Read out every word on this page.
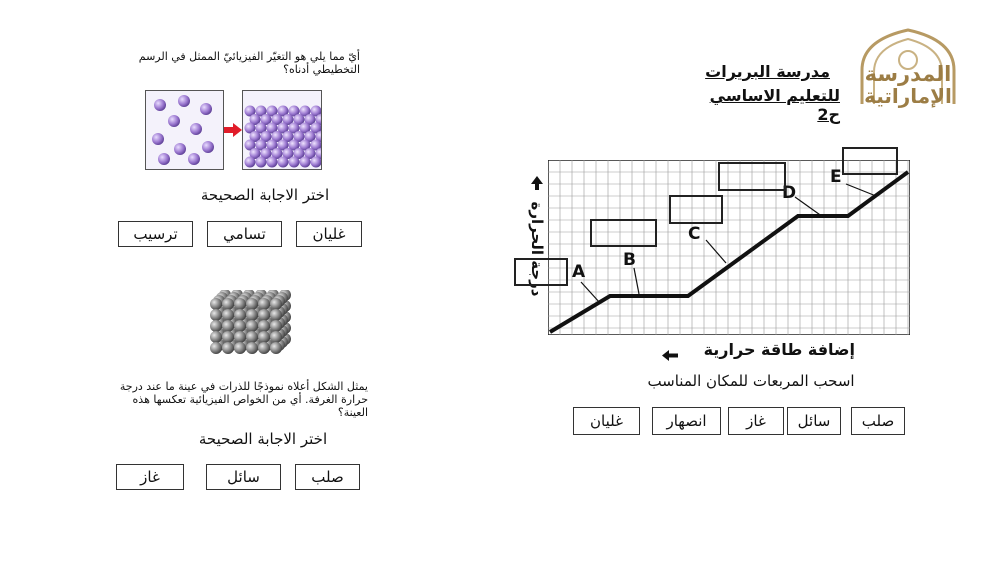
المدرسة
الإماراتية
مدرسة البريرات
للتعليم الاساسي ح2
أيّ مما يلي هو التغيّر الفيزيائيّ الممثل في الرسم التخطيطي أدناه؟
اختر الاجابة الصحيحة
غليان
تسامي
ترسيب
يمثل الشكل أعلاه نموذجًا للذرات في عينة ما عند درجة حرارة الغرفة. أي من الخواص الفيزيائية تعكسها هذه العينة؟
اختر الاجابة الصحيحة
صلب
سائل
غاز
A
B
C
D
E
درجة الحرارة
إضافة طاقة حرارية
اسحب المربعات للمكان المناسب
صلب
سائل
غاز
انصهار
غليان
